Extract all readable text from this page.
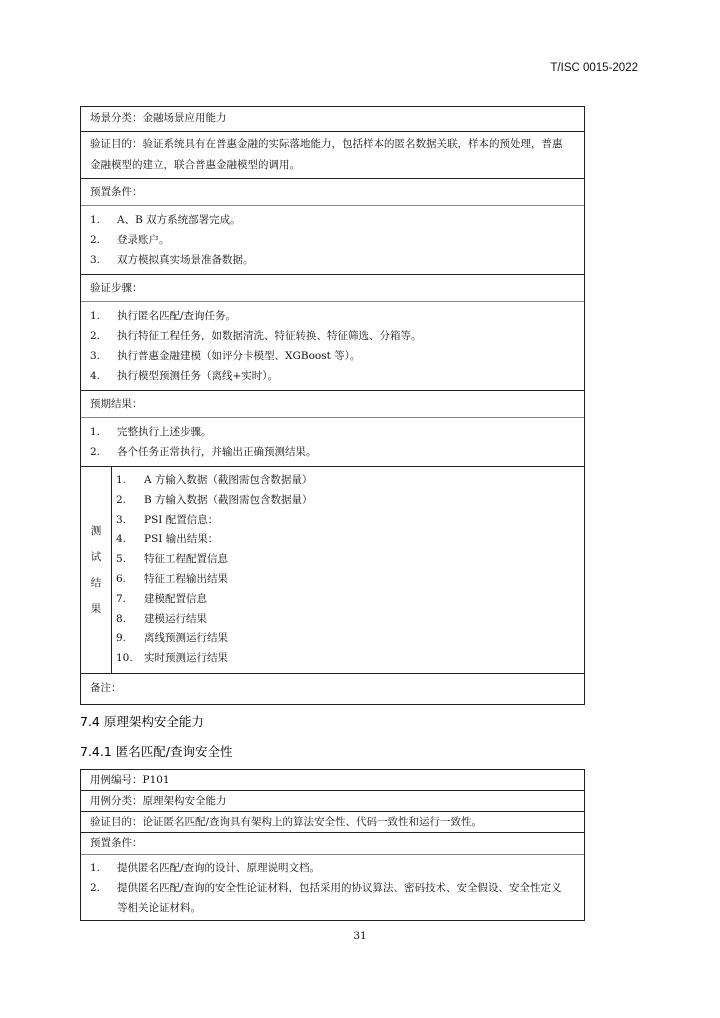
T/ISC 0015-2022
场景分类：金融场景应用能力
验证目的：验证系统具有在普惠金融的实际落地能力，包括样本的匿名数据关联，样本的预处理，普惠
金融模型的建立，联合普惠金融模型的调用。
预置条件：
1.	A、B 双方系统部署完成。
2.	登录账户。
3.	双方模拟真实场景准备数据。
验证步骤：
1.	执行匿名匹配/查询任务。
2.	执行特征工程任务，如数据清洗、特征转换、特征筛选、分箱等。
3.	执行普惠金融建模（如评分卡模型、XGBoost 等）。
4.	执行模型预测任务（离线+实时）。
预期结果：
1.	完整执行上述步骤。
2.	各个任务正常执行，并输出正确预测结果。
测
试
结
果
1.	A 方输入数据（截图需包含数据量）
2.	B 方输入数据（截图需包含数据量）
3.	PSI 配置信息：
4.	PSI 输出结果：
5.	特征工程配置信息
6.	特征工程输出结果
7.	建模配置信息
8.	建模运行结果
9.	离线预测运行结果
10.	实时预测运行结果
备注：
7.4 原理架构安全能力
7.4.1 匿名匹配/查询安全性
用例编号：P101
用例分类：原理架构安全能力
验证目的：论证匿名匹配/查询具有架构上的算法安全性、代码一致性和运行一致性。
预置条件：
1.	提供匿名匹配/查询的设计、原理说明文档。
2.	提供匿名匹配/查询的安全性论证材料，包括采用的协议算法、密码技术、安全假设、安全性定义
等相关论证材料。
31
